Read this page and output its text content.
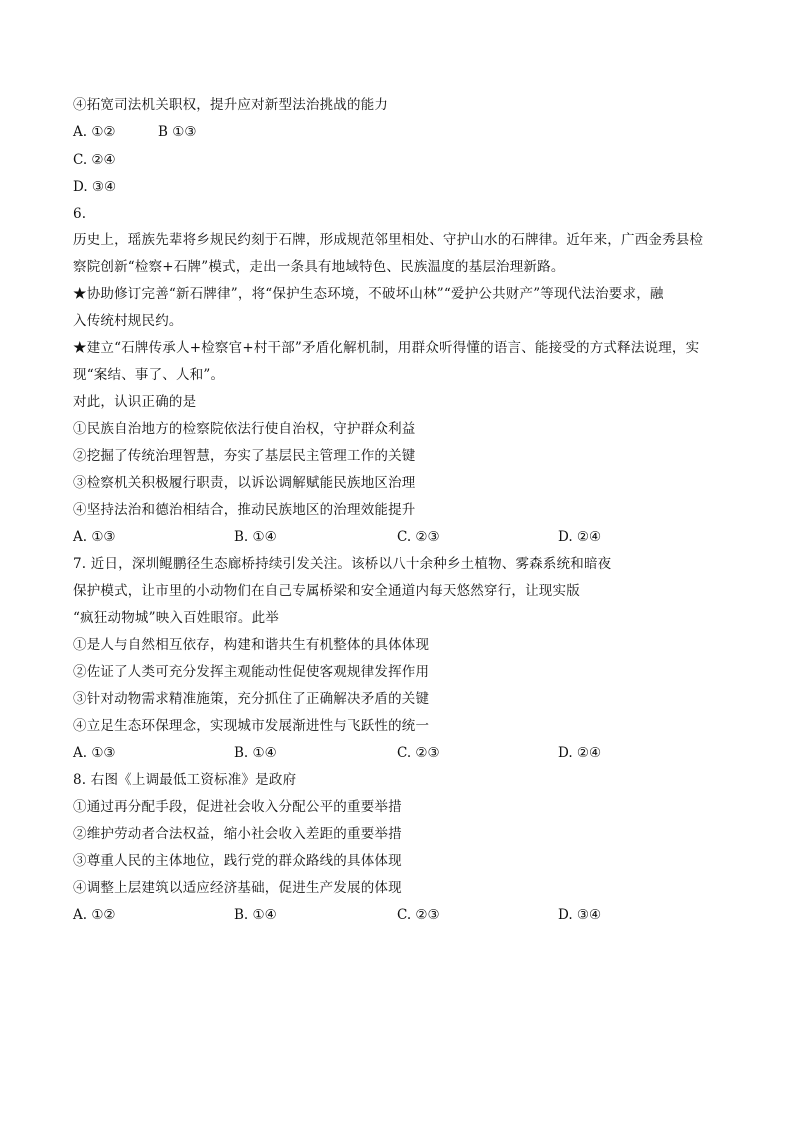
④拓宽司法机关职权，提升应对新型法治挑战的能力
A. ①②	B ①③
C. ②④
D. ③④
6.
历史上，瑶族先辈将乡规民约刻于石牌，形成规范邻里相处、守护山水的石牌律。近年来，广西金秀县检
察院创新“检察+石牌”模式，走出一条具有地域特色、民族温度的基层治理新路。
★协助修订完善“新石牌律”，将“保护生态环境，不破坏山林”“爱护公共财产”等现代法治要求，融
入传统村规民约。
★建立“石牌传承人+检察官+村干部”矛盾化解机制，用群众听得懂的语言、能接受的方式释法说理，实
现“案结、事了、人和”。
对此，认识正确的是
①民族自治地方的检察院依法行使自治权，守护群众利益
②挖掘了传统治理智慧，夯实了基层民主管理工作的关键
③检察机关积极履行职责，以诉讼调解赋能民族地区治理
④坚持法治和德治相结合，推动民族地区的治理效能提升
A. ①③	B. ①④	C. ②③	D. ②④
7. 近日，深圳鲲鹏径生态廊桥持续引发关注。该桥以八十余种乡土植物、雾森系统和暗夜
保护模式，让市里的小动物们在自己专属桥梁和安全通道内每天悠然穿行，让现实版
“疯狂动物城”映入百姓眼帘。此举
①是人与自然相互依存，构建和谐共生有机整体的具体体现
②佐证了人类可充分发挥主观能动性促使客观规律发挥作用
③针对动物需求精准施策，充分抓住了正确解决矛盾的关键
④立足生态环保理念，实现城市发展渐进性与飞跃性的统一
A. ①③	B. ①④	C. ②③	D. ②④
8. 右图《上调最低工资标准》是政府
①通过再分配手段，促进社会收入分配公平的重要举措
②维护劳动者合法权益，缩小社会收入差距的重要举措
③尊重人民的主体地位，践行党的群众路线的具体体现
④调整上层建筑以适应经济基础，促进生产发展的体现
A. ①②	B. ①④	C. ②③	D. ③④
